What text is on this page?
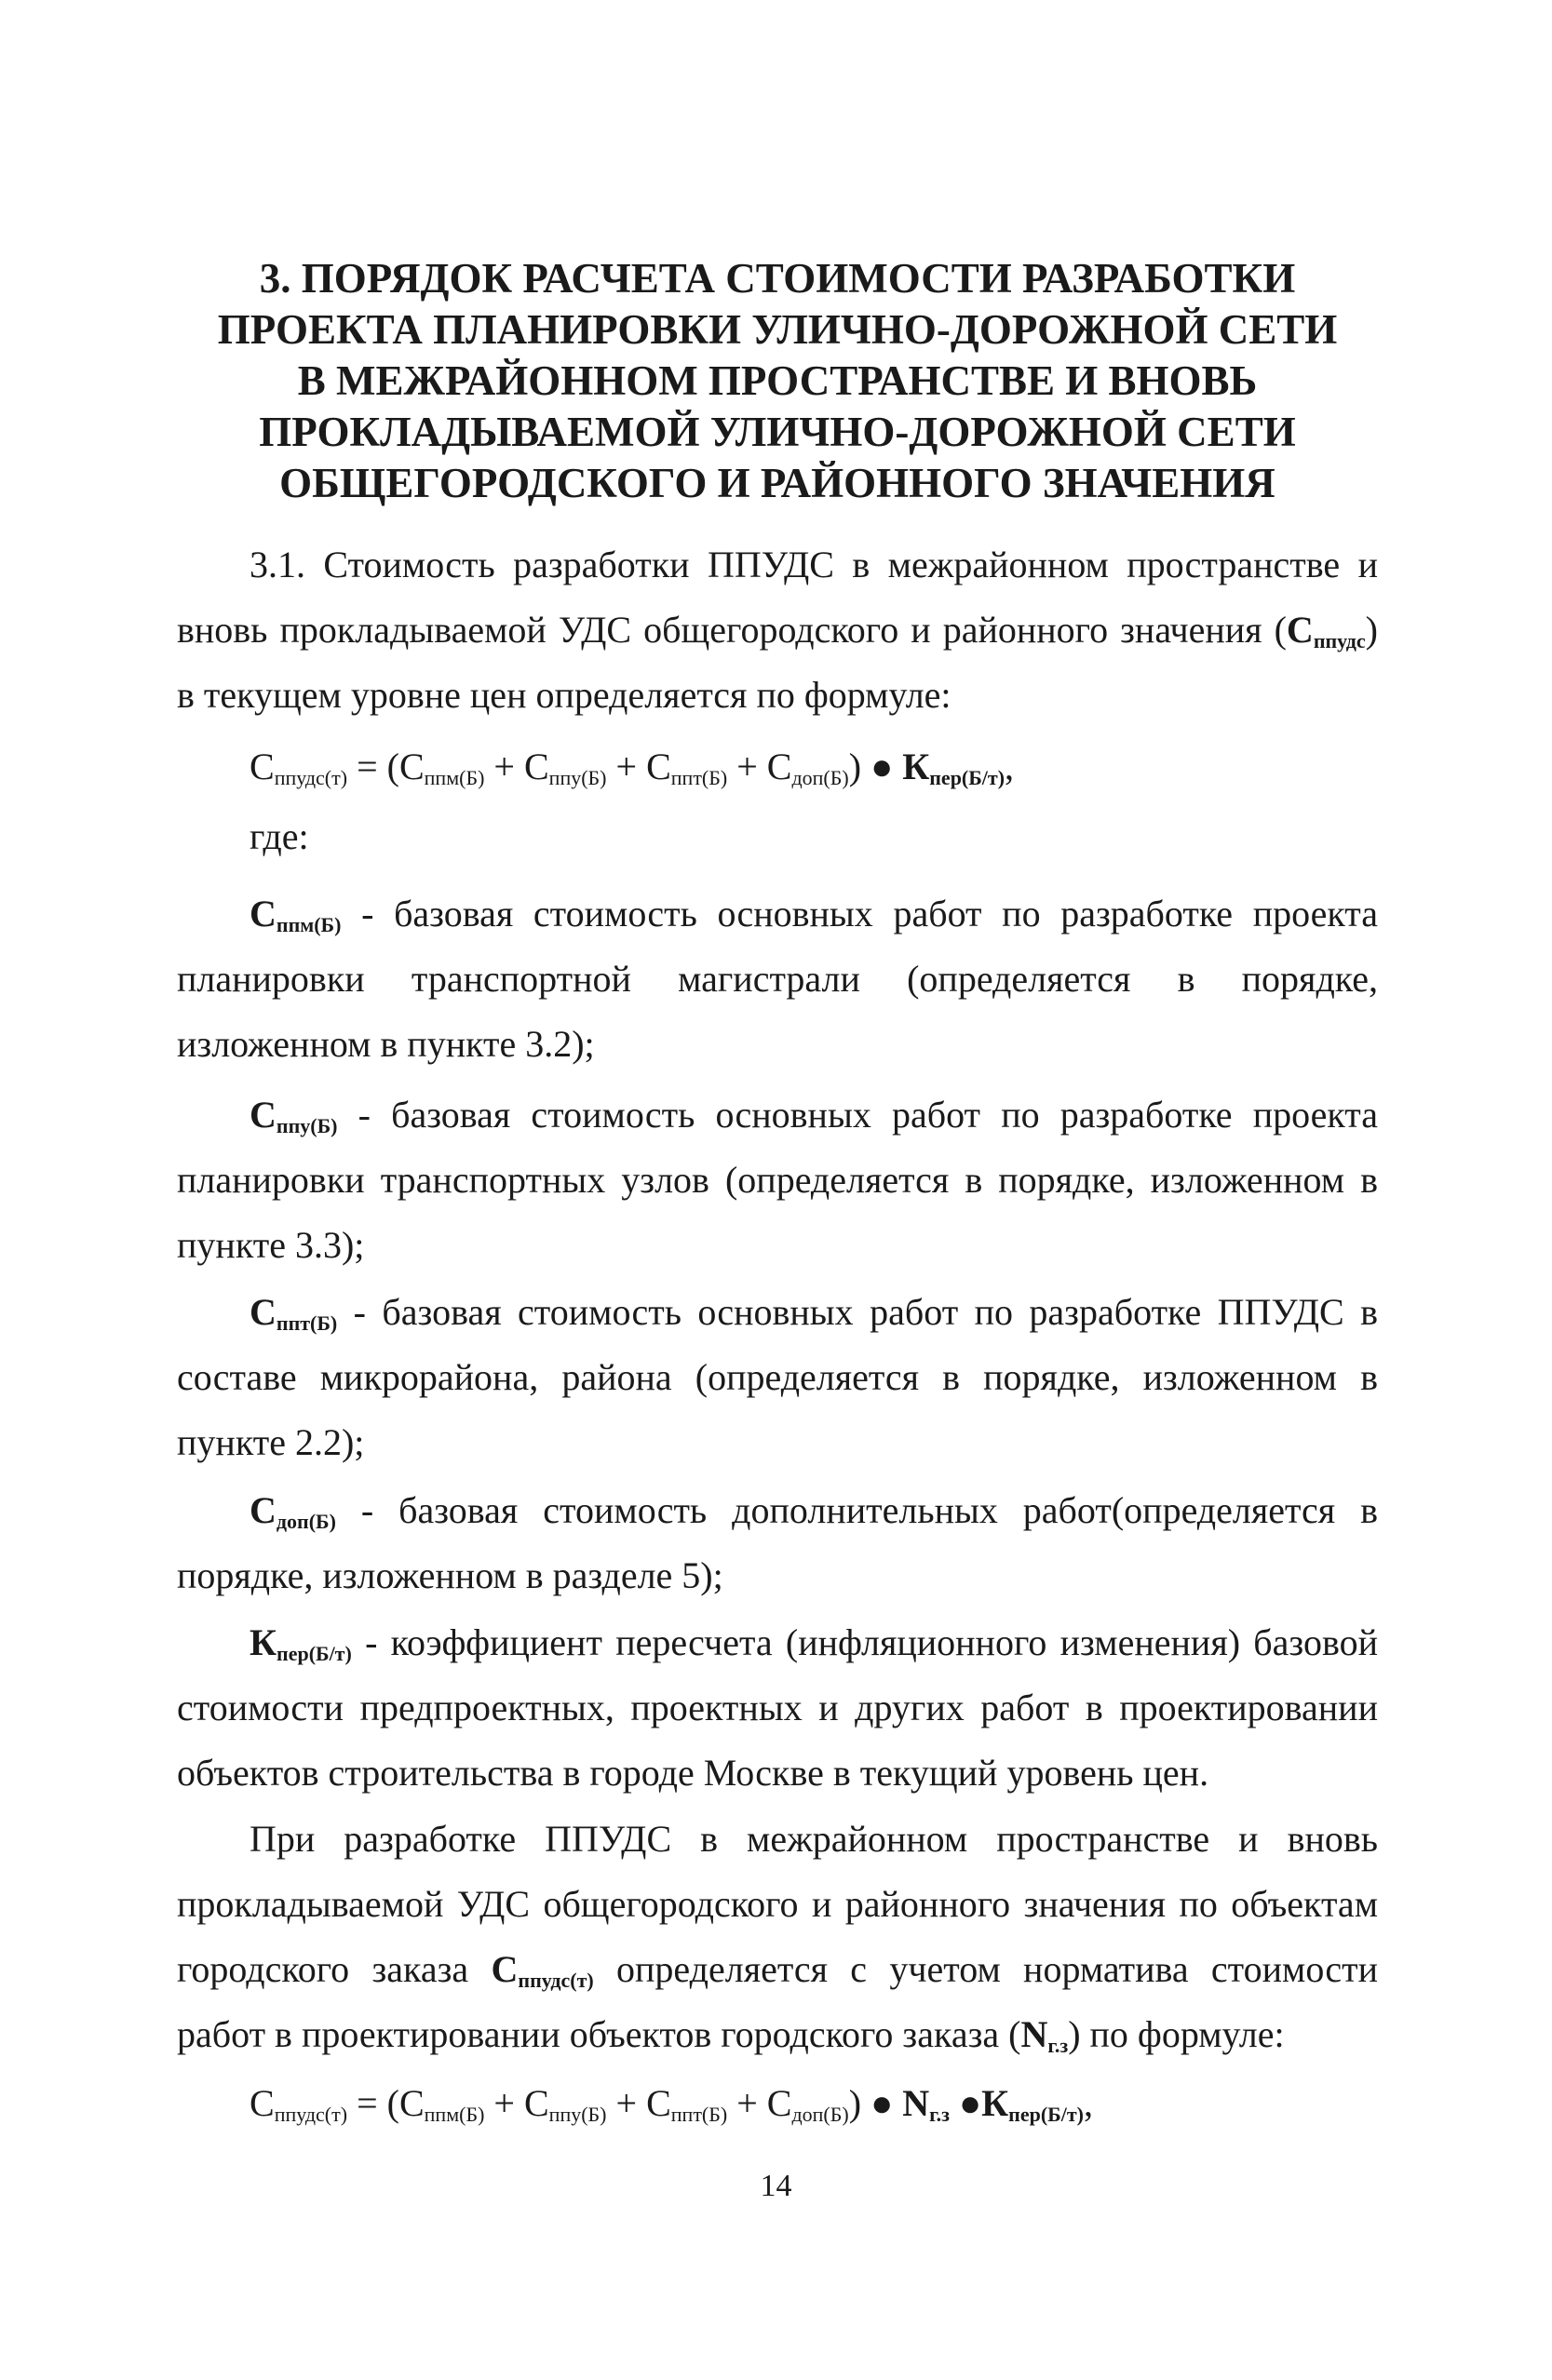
3. ПОРЯДОК РАСЧЕТА СТОИМОСТИ РАЗРАБОТКИ
ПРОЕКТА ПЛАНИРОВКИ УЛИЧНО-ДОРОЖНОЙ СЕТИ
В МЕЖРАЙОННОМ ПРОСТРАНСТВЕ И ВНОВЬ
ПРОКЛАДЫВАЕМОЙ УЛИЧНО-ДОРОЖНОЙ СЕТИ
ОБЩЕГОРОДСКОГО И РАЙОННОГО ЗНАЧЕНИЯ

3.1. Стоимость разработки ППУДС в межрайонном пространстве и вновь прокладываемой УДС общегородского и районного значения $(С_{ппудс})$ в текущем уровне цен определяется по формуле:

$С_{ппудс(т)} = (С_{ппм(Б)} + С_{ппу(Б)} + С_{ппт(Б)} + С_{доп(Б)})$ ● $К_{пер(Б/т)}$,
где:

$С_{ппм(Б)}$ - базовая стоимость основных работ по разработке проекта планировки транспортной магистрали (определяется в порядке, изложенном в пункте 3.2);

$С_{ппу(Б)}$ - базовая стоимость основных работ по разработке проекта планировки транспортных узлов (определяется в порядке, изложенном в пункте 3.3);

$С_{ппт(Б)}$ - базовая стоимость основных работ по разработке ППУДС в составе микрорайона, района (определяется в порядке, изложенном в пункте 2.2);

$С_{доп(Б)}$ - базовая стоимость дополнительных работ(определяется в порядке, изложенном в разделе 5);

$К_{пер(Б/т)}$ - коэффициент пересчета (инфляционного изменения) базовой стоимости предпроектных, проектных и других работ в проектировании объектов строительства в городе Москве в текущий уровень цен.

При разработке ППУДС в межрайонном пространстве и вновь прокладываемой УДС общегородского и районного значения по объектам городского заказа $С_{ппудс(т)}$ определяется с учетом норматива стоимости работ в проектировании объектов городского заказа $(N_{г.з})$ по формуле:

$С_{ппудс(т)} = (С_{ппм(Б)} + С_{ппу(Б)} + С_{ппт(Б)} + С_{доп(Б)})$ ● $N_{г.з}$ $●К_{пер(Б/т)}$,
14
